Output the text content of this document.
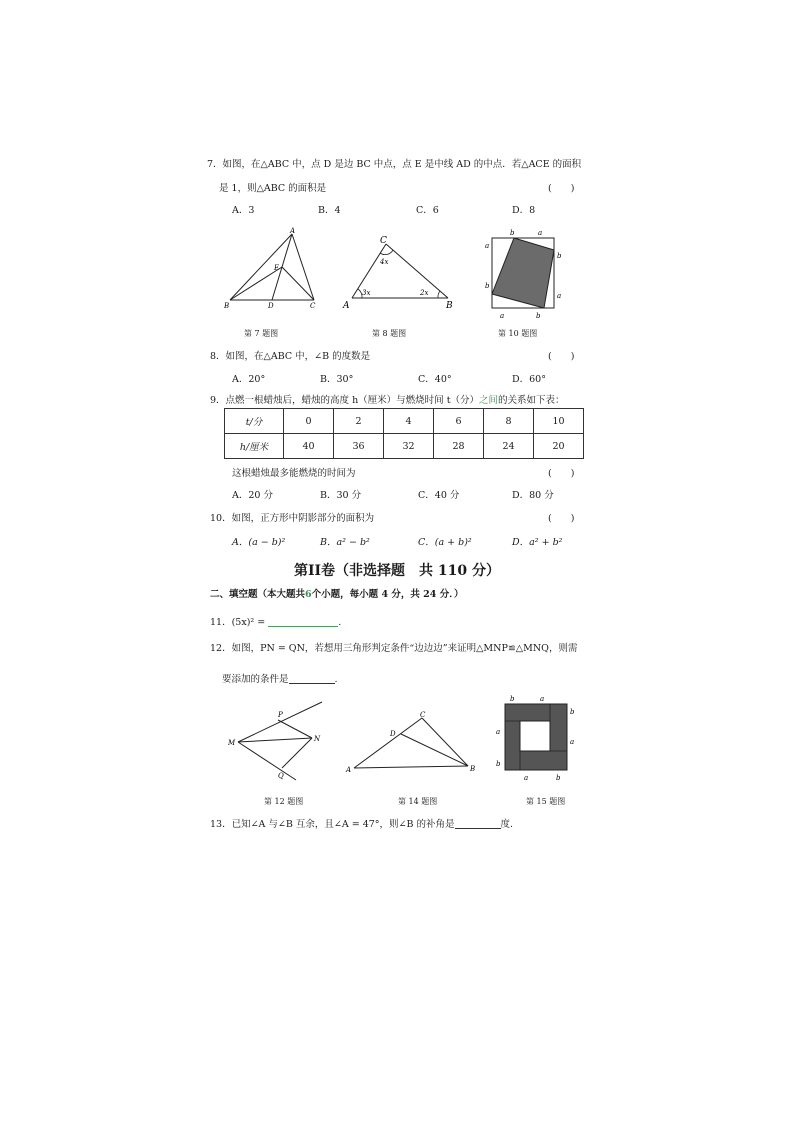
7．如图，在△ABC 中，点 D 是边 BC 中点，点 E 是中线 AD 的中点．若△ACE 的面积
是 1，则△ABC 的面积是	(　　)
A．3	B．4	C．6	D．8
A
B	C
D
E
第 7 题图
C
A	B
4x
3x	2x
第 8 题图
b	a
a
b
b
a
a	b
第 10 题图
8．如图，在△ABC 中，∠B 的度数是	(　　)
A．20°	B．30°	C．40°	D．60°
9．点燃一根蜡烛后，蜡烛的高度 h（厘米）与燃烧时间 t（分）之间的关系如下表：
t/分	0	2	4	6	8	10
h/厘米	40	36	32	28	24	20
这根蜡烛最多能燃烧的时间为	(　　)
A．20 分	B．30 分	C．40 分	D．80 分
10．如图，正方形中阴影部分的面积为	(　　)
A．(a − b)²	B．a² − b²	C．(a + b)²	D．a² + b²
第II卷（非选择题　共 110 分）
二、填空题（本大题共6个小题，每小题 4 分，共 24 分．）
11．(5x)² =	.
12．如图，PN = QN，若想用三角形判定条件“边边边”来证明△MNP≌△MNQ，则需
要添加的条件是	.
M
P
N
Q
第 12 题图
A	B
C
D
第 14 题图
b	a
a
b
b
a
a	b
第 15 题图
13．已知∠A 与∠B 互余，且∠A = 47°，则∠B 的补角是	度.
